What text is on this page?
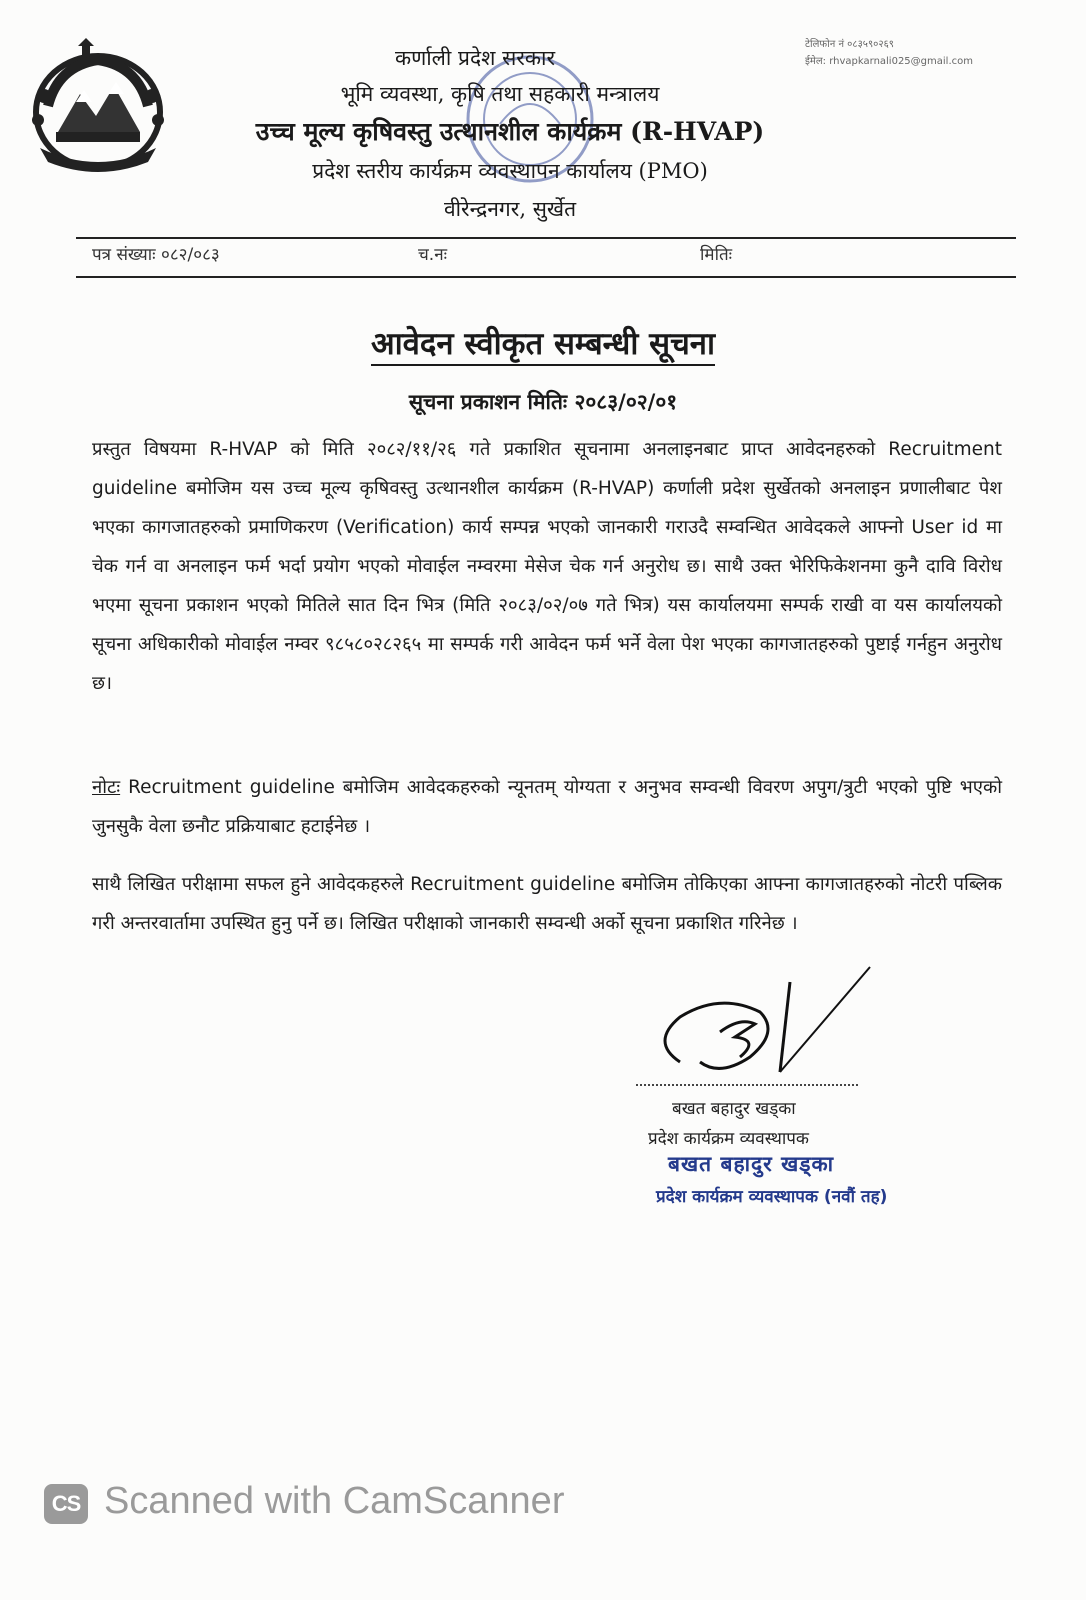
कर्णाली प्रदेश सरकार
भूमि व्यवस्था, कृषि तथा सहकारी मन्त्रालय
उच्च मूल्य कृषिवस्तु उत्थानशील कार्यक्रम (R-HVAP)
प्रदेश स्तरीय कार्यक्रम व्यवस्थापन कार्यालय (PMO)
वीरेन्द्रनगर, सुर्खेत
टेलिफोन नं ०८३५९०२६९
ईमेल: rhvapkarnali025@gmail.com
पत्र संख्याः ०८२/०८३	च.नः	मितिः
आवेदन स्वीकृत सम्बन्धी सूचना
सूचना प्रकाशन मितिः २०८३/०२/०१
प्रस्तुत विषयमा R-HVAP को मिति २०८२/११/२६ गते प्रकाशित सूचनामा अनलाइनबाट प्राप्त आवेदनहरुको Recruitment guideline बमोजिम यस उच्च मूल्य कृषिवस्तु उत्थानशील कार्यक्रम (R-HVAP) कर्णाली प्रदेश सुर्खेतको अनलाइन प्रणालीबाट पेश भएका कागजातहरुको प्रमाणिकरण (Verification) कार्य सम्पन्न भएको जानकारी गराउदै सम्वन्धित आवेदकले आफ्नो User id मा चेक गर्न वा अनलाइन फर्म भर्दा प्रयोग भएको मोवाईल नम्वरमा मेसेज चेक गर्न अनुरोध छ। साथै उक्त भेरिफिकेशनमा कुनै दावि विरोध भएमा सूचना प्रकाशन भएको मितिले सात दिन भित्र (मिति २०८३/०२/०७ गते भित्र) यस कार्यालयमा सम्पर्क राखी वा यस कार्यालयको सूचना अधिकारीको मोवाईल नम्वर ९८५८०२८२६५ मा सम्पर्क गरी आवेदन फर्म भर्ने वेला पेश भएका कागजातहरुको पुष्टाई गर्नहुन अनुरोध छ।
नोटः Recruitment guideline बमोजिम आवेदकहरुको न्यूनतम् योग्यता र अनुभव सम्वन्धी विवरण अपुग/त्रुटी भएको पुष्टि भएको जुनसुकै वेला छनौट प्रक्रियाबाट हटाईनेछ ।
साथै लिखित परीक्षामा सफल हुने आवेदकहरुले Recruitment guideline बमोजिम तोकिएका आफ्ना कागजातहरुको नोटरी पब्लिक गरी अन्तरवार्तामा उपस्थित हुनु पर्ने छ। लिखित परीक्षाको जानकारी सम्वन्धी अर्को सूचना प्रकाशित गरिनेछ ।
बखत बहादुर खड्का
प्रदेश कार्यक्रम व्यवस्थापक
बखत बहादुर खड्का
प्रदेश कार्यक्रम व्यवस्थापक (नवौं तह)
CS Scanned with CamScanner
